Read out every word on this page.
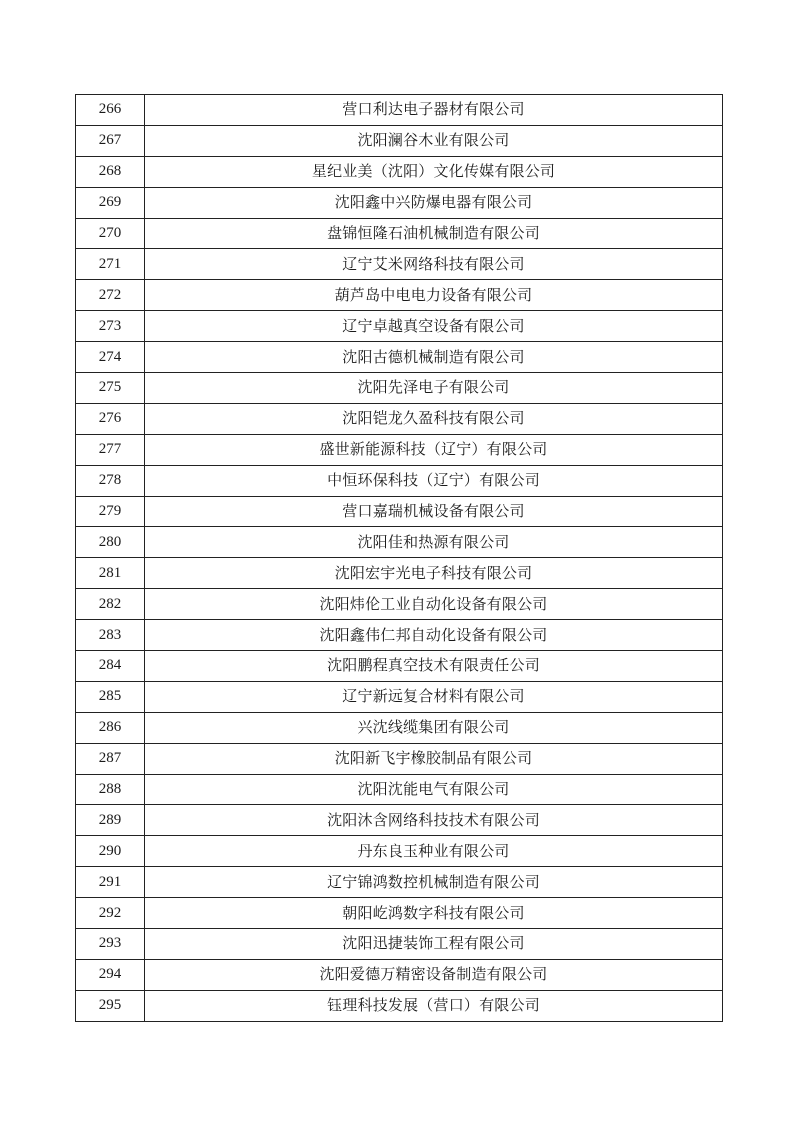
266	营口利达电子器材有限公司
267	沈阳澜谷木业有限公司
268	星纪业美（沈阳）文化传媒有限公司
269	沈阳鑫中兴防爆电器有限公司
270	盘锦恒隆石油机械制造有限公司
271	辽宁艾米网络科技有限公司
272	葫芦岛中电电力设备有限公司
273	辽宁卓越真空设备有限公司
274	沈阳古德机械制造有限公司
275	沈阳先泽电子有限公司
276	沈阳铠龙久盈科技有限公司
277	盛世新能源科技（辽宁）有限公司
278	中恒环保科技（辽宁）有限公司
279	营口嘉瑞机械设备有限公司
280	沈阳佳和热源有限公司
281	沈阳宏宇光电子科技有限公司
282	沈阳炜伦工业自动化设备有限公司
283	沈阳鑫伟仁邦自动化设备有限公司
284	沈阳鹏程真空技术有限责任公司
285	辽宁新远复合材料有限公司
286	兴沈线缆集团有限公司
287	沈阳新飞宇橡胶制品有限公司
288	沈阳沈能电气有限公司
289	沈阳沐含网络科技技术有限公司
290	丹东良玉种业有限公司
291	辽宁锦鸿数控机械制造有限公司
292	朝阳屹鸿数字科技有限公司
293	沈阳迅捷装饰工程有限公司
294	沈阳爱德万精密设备制造有限公司
295	钰理科技发展（营口）有限公司
